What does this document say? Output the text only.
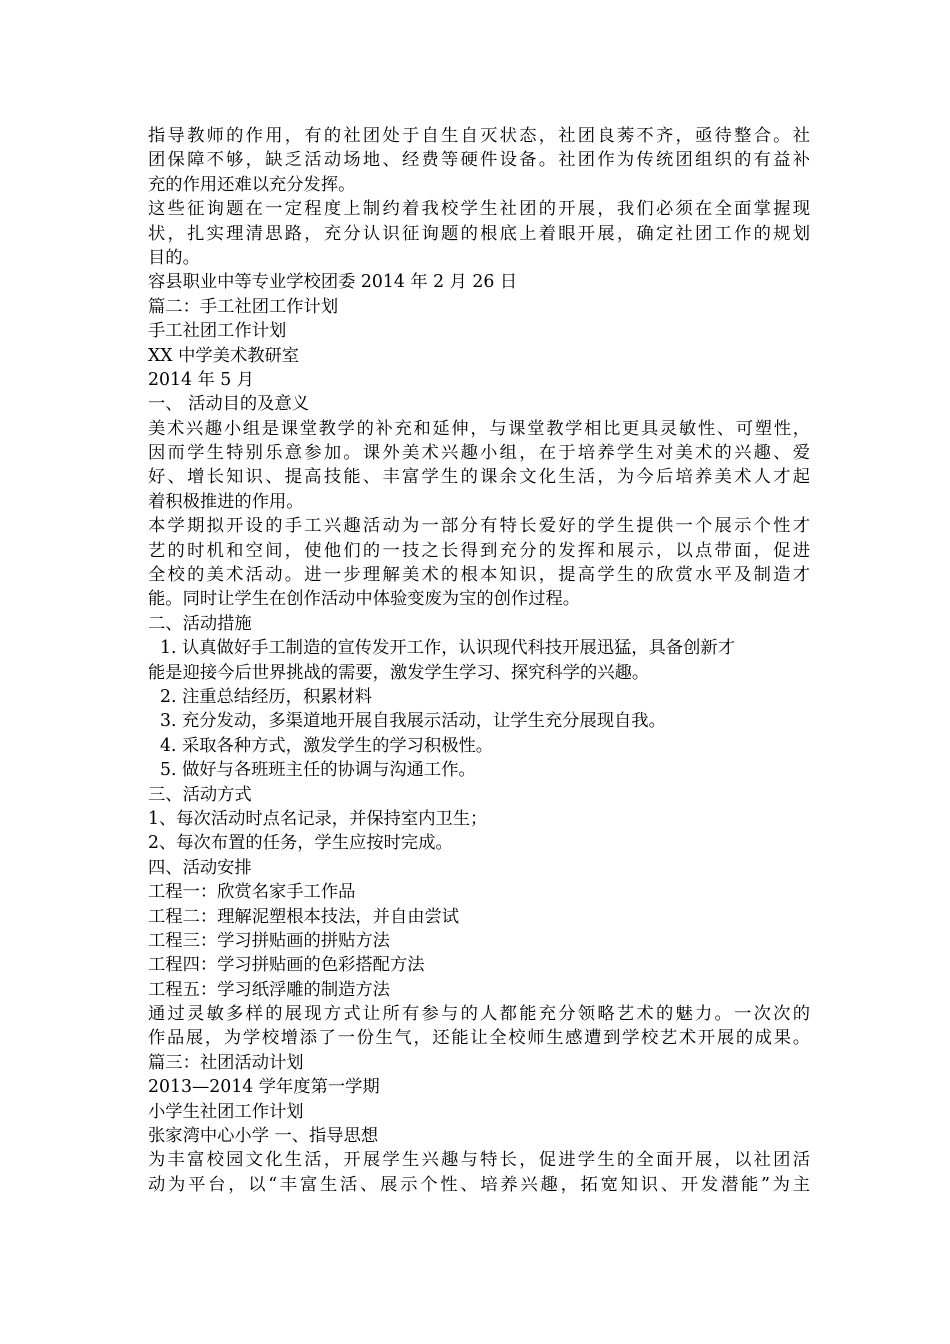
指导教师的作用，有的社团处于自生自灭状态，社团良莠不齐，亟待整合。社
团保障不够，缺乏活动场地、经费等硬件设备。社团作为传统团组织的有益补
充的作用还难以充分发挥。
这些征询题在一定程度上制约着我校学生社团的开展，我们必须在全面掌握现
状，扎实理清思路，充分认识征询题的根底上着眼开展，确定社团工作的规划
目的。
容县职业中等专业学校团委 2014 年 2 月 26 日
篇二：手工社团工作计划
手工社团工作计划
XX 中学美术教研室
2014 年 5 月
一、 活动目的及意义
美术兴趣小组是课堂教学的补充和延伸，与课堂教学相比更具灵敏性、可塑性，
因而学生特别乐意参加。课外美术兴趣小组，在于培养学生对美术的兴趣、爱
好、增长知识、提高技能、丰富学生的课余文化生活，为今后培养美术人才起
着积极推进的作用。
本学期拟开设的手工兴趣活动为一部分有特长爱好的学生提供一个展示个性才
艺的时机和空间，使他们的一技之长得到充分的发挥和展示，以点带面，促进
全校的美术活动。进一步理解美术的根本知识，提高学生的欣赏水平及制造才
能。同时让学生在创作活动中体验变废为宝的创作过程。
二、活动措施
1. 认真做好手工制造的宣传发开工作，认识现代科技开展迅猛，具备创新才
能是迎接今后世界挑战的需要，激发学生学习、探究科学的兴趣。
2. 注重总结经历，积累材料
3. 充分发动，多渠道地开展自我展示活动，让学生充分展现自我。
4. 采取各种方式，激发学生的学习积极性。
5. 做好与各班班主任的协调与沟通工作。
三、活动方式
1、每次活动时点名记录，并保持室内卫生；
2、每次布置的任务，学生应按时完成。
四、活动安排
工程一：欣赏名家手工作品
工程二：理解泥塑根本技法，并自由尝试
工程三：学习拼贴画的拼贴方法
工程四：学习拼贴画的色彩搭配方法
工程五：学习纸浮雕的制造方法
通过灵敏多样的展现方式让所有参与的人都能充分领略艺术的魅力。一次次的
作品展，为学校增添了一份生气，还能让全校师生感遭到学校艺术开展的成果。
篇三：社团活动计划
2013—2014 学年度第一学期
小学生社团工作计划
张家湾中心小学 一、指导思想
为丰富校园文化生活，开展学生兴趣与特长，促进学生的全面开展，以社团活
动为平台，以“丰富生活、展示个性、培养兴趣，拓宽知识、开发潜能”为主
